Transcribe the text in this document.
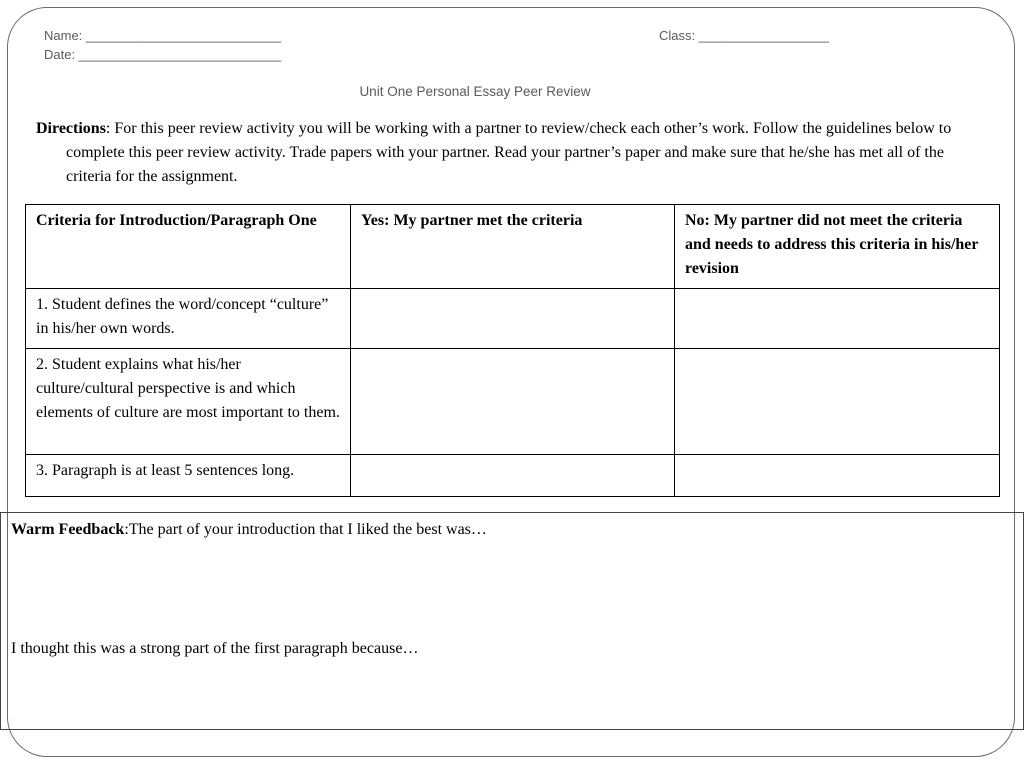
Name: ___________________________
Date: ____________________________
Class: __________________
Unit One Personal Essay Peer Review
Directions: For this peer review activity you will be working with a partner to review/check each other’s work. Follow the guidelines below to complete this peer review activity. Trade papers with your partner. Read your partner’s paper and make sure that he/she has met all of the criteria for the assignment.
Criteria for Introduction/Paragraph One	Yes: My partner met the criteria	No: My partner did not meet the criteria and needs to address this criteria in his/her revision
1. Student defines the word/concept “culture” in his/her own words.		
2. Student explains what his/her culture/cultural perspective is and which elements of culture are most important to them.		
3. Paragraph is at least 5 sentences long.		
Warm Feedback:The part of your introduction that I liked the best was…
I thought this was a strong part of the first paragraph because…
